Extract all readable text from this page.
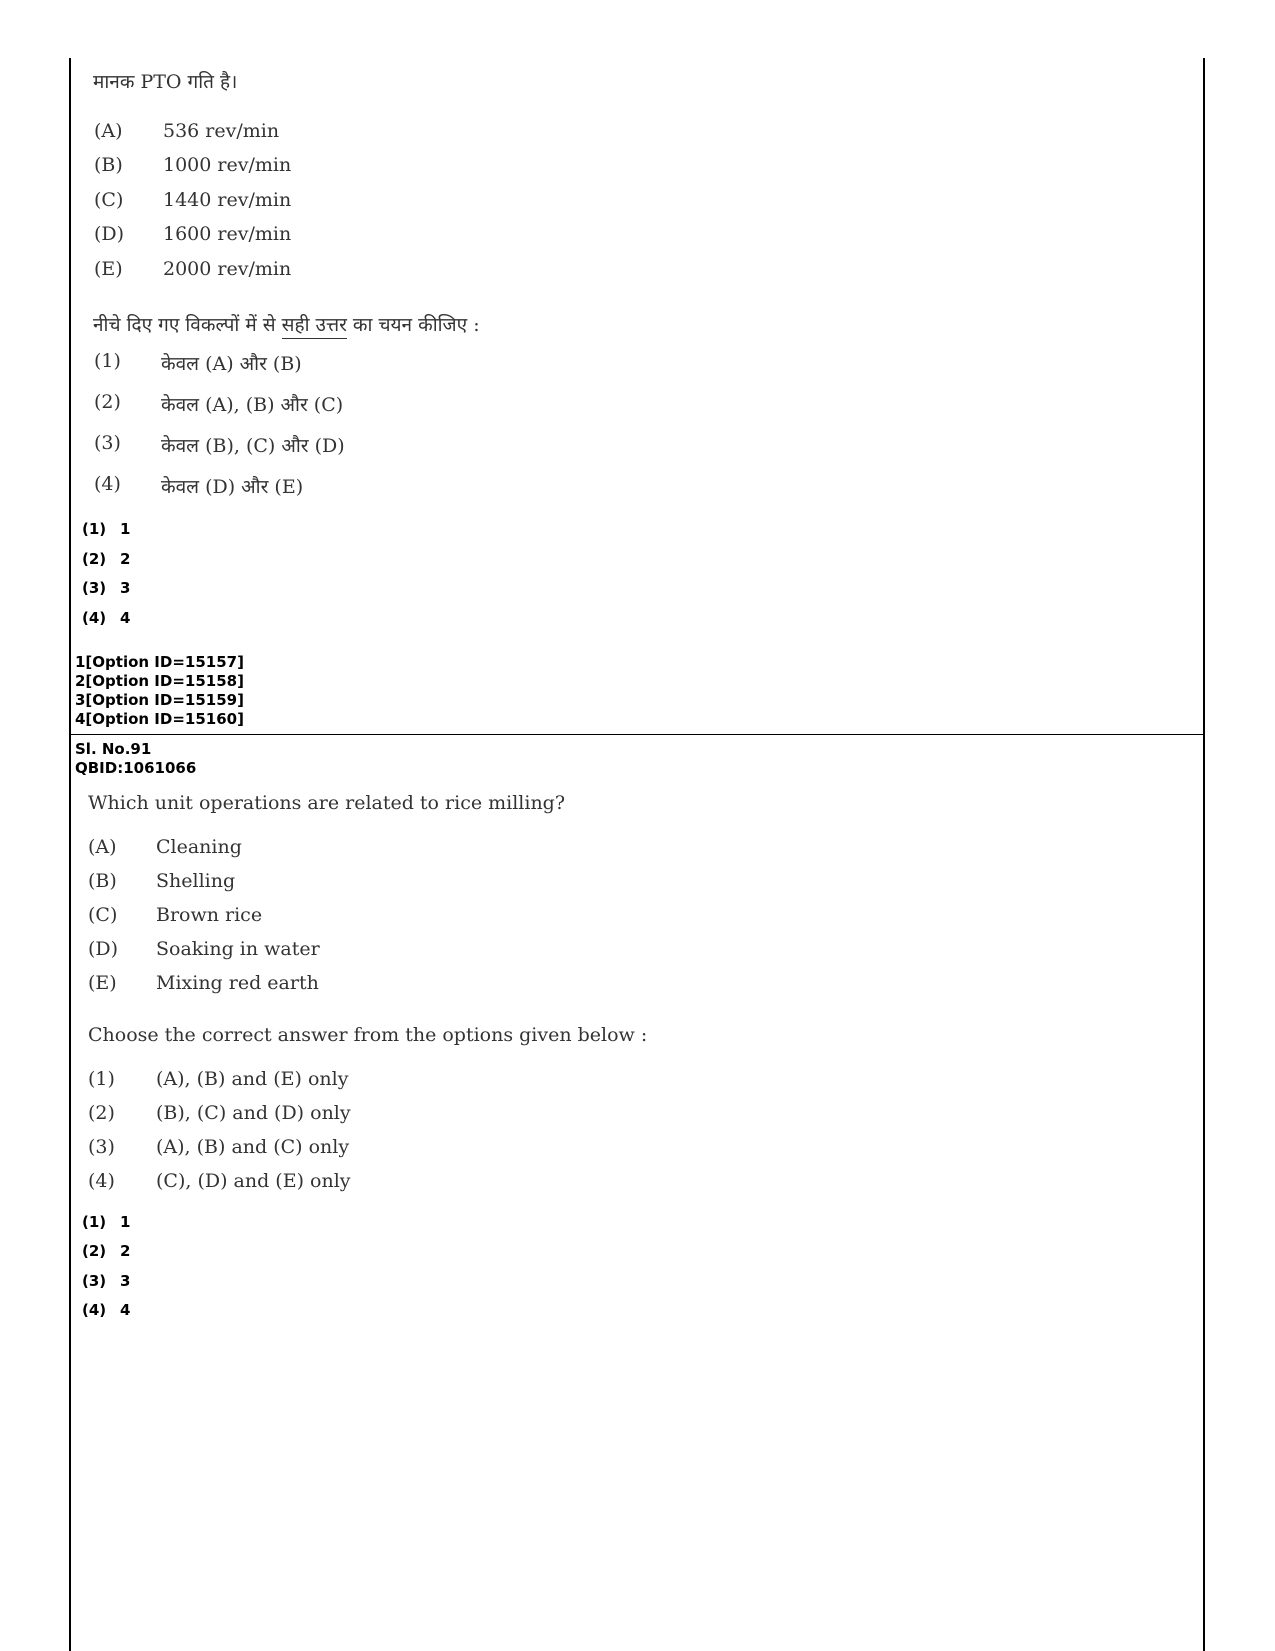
मानक PTO गति है।
(A) 536 rev/min
(B) 1000 rev/min
(C) 1440 rev/min
(D) 1600 rev/min
(E) 2000 rev/min
नीचे दिए गए विकल्पों में से सही उत्तर का चयन कीजिए :
(1) केवल (A) और (B)
(2) केवल (A), (B) और (C)
(3) केवल (B), (C) और (D)
(4) केवल (D) और (E)
(1) 1
(2) 2
(3) 3
(4) 4
1[Option ID=15157]
2[Option ID=15158]
3[Option ID=15159]
4[Option ID=15160]
Sl. No.91
QBID:1061066
Which unit operations are related to rice milling?
(A) Cleaning
(B) Shelling
(C) Brown rice
(D) Soaking in water
(E) Mixing red earth
Choose the correct answer from the options given below :
(1) (A), (B) and (E) only
(2) (B), (C) and (D) only
(3) (A), (B) and (C) only
(4) (C), (D) and (E) only
(1) 1
(2) 2
(3) 3
(4) 4
